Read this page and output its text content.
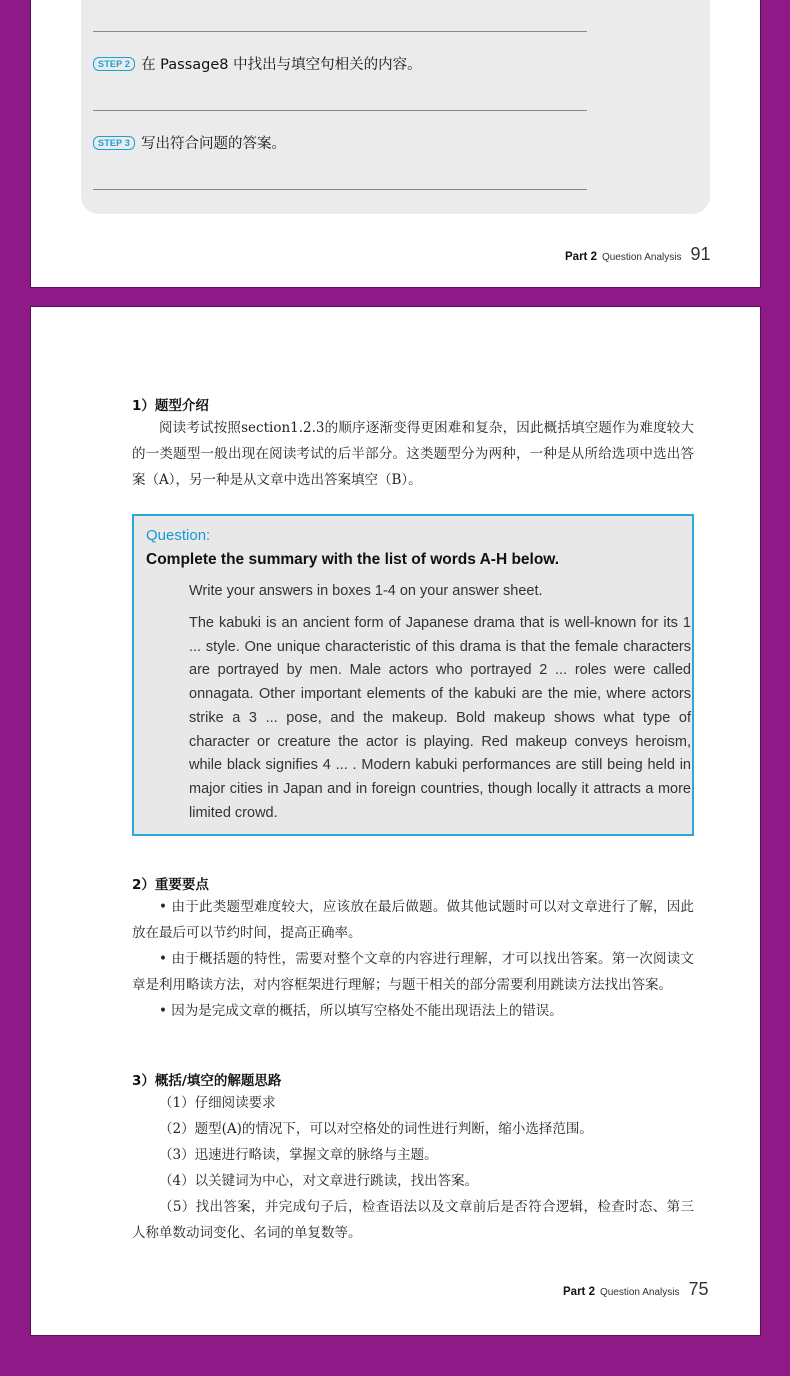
STEP 2 在 Passage8 中找出与填空句相关的内容。
STEP 3 写出符合问题的答案。
Part 2 Question Analysis 91
1）题型介绍

阅读考试按照section1.2.3的顺序逐渐变得更困难和复杂，因此概括填空题作为难度较大的一类题型一般出现在阅读考试的后半部分。这类题型分为两种，一种是从所给选项中选出答案（A），另一种是从文章中选出答案填空（B）。

Question:
Complete the summary with the list of words A-H below.
Write your answers in boxes 1-4 on your answer sheet.
The kabuki is an ancient form of Japanese drama that is well-known for its 1 ... style. One unique characteristic of this drama is that the female characters are portrayed by men. Male actors who portrayed 2 ... roles were called onnagata. Other important elements of the kabuki are the mie, where actors strike a 3 ... pose, and the makeup. Bold makeup shows what type of character or creature the actor is playing. Red makeup conveys heroism, while black signifies 4 ... . Modern kabuki performances are still being held in major cities in Japan and in foreign countries, though locally it attracts a more limited crowd.
2）重要要点

• 由于此类题型难度较大，应该放在最后做题。做其他试题时可以对文章进行了解，因此放在最后可以节约时间，提高正确率。

• 由于概括题的特性，需要对整个文章的内容进行理解，才可以找出答案。第一次阅读文章是利用略读方法，对内容框架进行理解；与题干相关的部分需要利用跳读方法找出答案。

• 因为是完成文章的概括，所以填写空格处不能出现语法上的错误。

3）概括/填空的解题思路

（1）仔细阅读要求

（2）题型(A)的情况下，可以对空格处的词性进行判断，缩小选择范围。

（3）迅速进行略读，掌握文章的脉络与主题。

（4）以关键词为中心，对文章进行跳读，找出答案。

（5）找出答案，并完成句子后，检查语法以及文章前后是否符合逻辑，检查时态、第三人称单数动词变化、名词的单复数等。

Part 2 Question Analysis 75
